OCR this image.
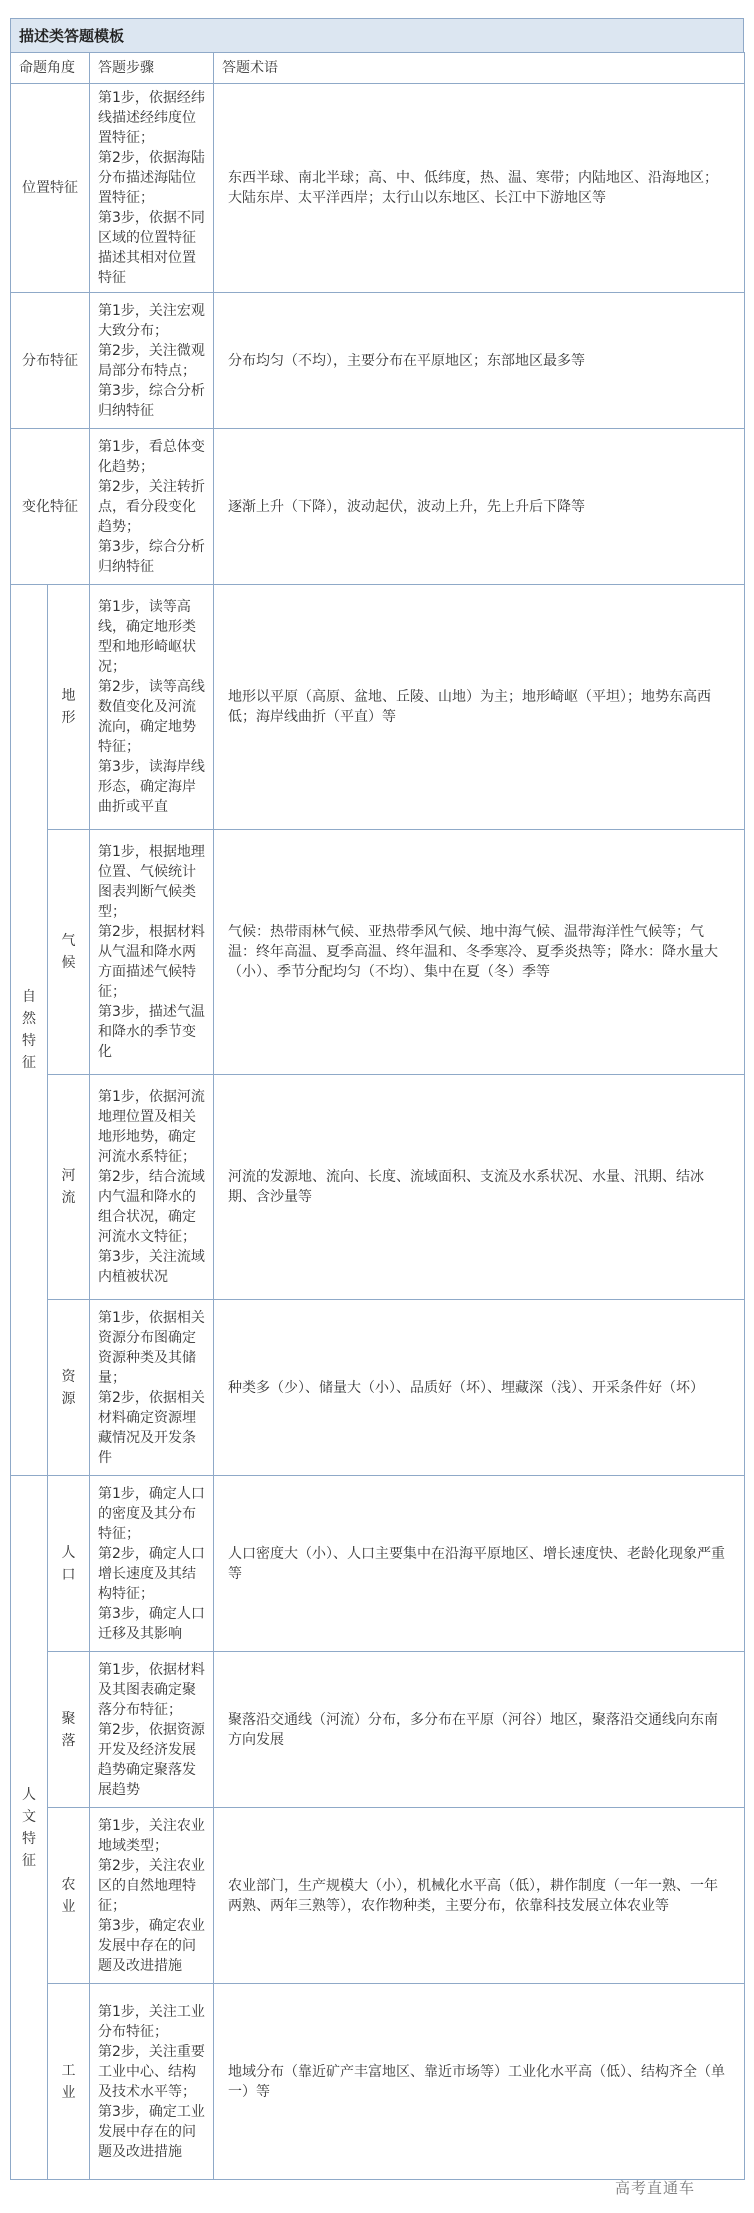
描述类答题模板
命题角度		答题步骤	答题术语
位置特征		第1步，依据经纬线描述经纬度位置特征；
第2步，依据海陆分布描述海陆位置特征；
第3步，依据不同区域的位置特征描述其相对位置特征	东西半球、南北半球；高、中、低纬度，热、温、寒带；内陆地区、沿海地区；大陆东岸、太平洋西岸；太行山以东地区、长江中下游地区等
分布特征		第1步，关注宏观大致分布；
第2步，关注微观局部分布特点；
第3步，综合分析归纳特征	分布均匀（不均），主要分布在平原地区；东部地区最多等
变化特征		第1步，看总体变化趋势；
第2步，关注转折点，看分段变化趋势；
第3步，综合分析归纳特征	逐渐上升（下降），波动起伏，波动上升，先上升后下降等

自然特征	地形	第1步，读等高线，确定地形类型和地形崎岖状况；
第2步，读等高线数值变化及河流流向，确定地势特征；
第3步，读海岸线形态，确定海岸曲折或平直	地形以平原（高原、盆地、丘陵、山地）为主；地形崎岖（平坦）；地势东高西低；海岸线曲折（平直）等

	气候	第1步，根据地理位置、气候统计图表判断气候类型；
第2步，根据材料从气温和降水两方面描述气候特征；
第3步，描述气温和降水的季节变化	气候：热带雨林气候、亚热带季风气候、地中海气候、温带海洋性气候等；气温：终年高温、夏季高温、终年温和、冬季寒冷、夏季炎热等；降水：降水量大（小）、季节分配均匀（不均）、集中在夏（冬）季等

	河流	第1步，依据河流地理位置及相关地形地势，确定河流水系特征；
第2步，结合流域内气温和降水的组合状况，确定河流水文特征；
第3步，关注流域内植被状况	河流的发源地、流向、长度、流域面积、支流及水系状况、水量、汛期、结冰期、含沙量等

	资源	第1步，依据相关资源分布图确定资源种类及其储量；
第2步，依据相关材料确定资源埋藏情况及开发条件	种类多（少）、储量大（小）、品质好（坏）、埋藏深（浅）、开采条件好（坏）

人文特征	人口	第1步，确定人口的密度及其分布特征；
第2步，确定人口增长速度及其结构特征；
第3步，确定人口迁移及其影响	人口密度大（小）、人口主要集中在沿海平原地区、增长速度快、老龄化现象严重等

	聚落	第1步，依据材料及其图表确定聚落分布特征；
第2步，依据资源开发及经济发展趋势确定聚落发展趋势	聚落沿交通线（河流）分布，多分布在平原（河谷）地区，聚落沿交通线向东南方向发展

	农业	第1步，关注农业地域类型；
第2步，关注农业区的自然地理特征；
第3步，确定农业发展中存在的问题及改进措施	农业部门，生产规模大（小），机械化水平高（低），耕作制度（一年一熟、一年两熟、两年三熟等），农作物种类，主要分布，依靠科技发展立体农业等

	工业	第1步，关注工业分布特征；
第2步，关注重要工业中心、结构及技术水平等；
第3步，确定工业发展中存在的问题及改进措施	地域分布（靠近矿产丰富地区、靠近市场等）工业化水平高（低）、结构齐全（单一）等
高考直通车
